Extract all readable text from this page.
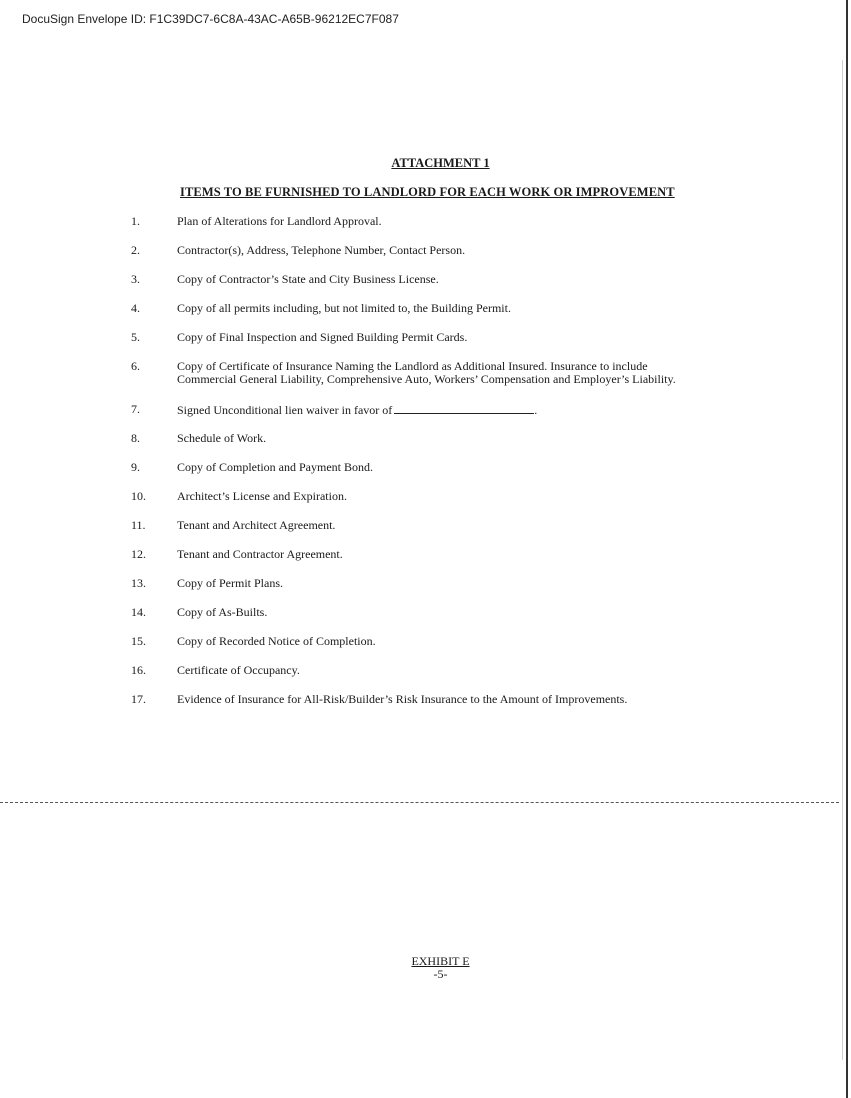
DocuSign Envelope ID: F1C39DC7-6C8A-43AC-A65B-96212EC7F087
ATTACHMENT 1
ITEMS TO BE FURNISHED TO LANDLORD FOR EACH WORK OR IMPROVEMENT
1.	Plan of Alterations for Landlord Approval.
2.	Contractor(s), Address, Telephone Number, Contact Person.
3.	Copy of Contractor’s State and City Business License.
4.	Copy of all permits including, but not limited to, the Building Permit.
5.	Copy of Final Inspection and Signed Building Permit Cards.
6.	Copy of Certificate of Insurance Naming the Landlord as Additional Insured. Insurance to include Commercial General Liability, Comprehensive Auto, Workers’ Compensation and Employer’s Liability.
7.	Signed Unconditional lien waiver in favor of	.
8.	Schedule of Work.
9.	Copy of Completion and Payment Bond.
10.	Architect’s License and Expiration.
11.	Tenant and Architect Agreement.
12.	Tenant and Contractor Agreement.
13.	Copy of Permit Plans.
14.	Copy of As-Builts.
15.	Copy of Recorded Notice of Completion.
16.	Certificate of Occupancy.
17.	Evidence of Insurance for All-Risk/Builder’s Risk Insurance to the Amount of Improvements.
EXHIBIT E
-5-
